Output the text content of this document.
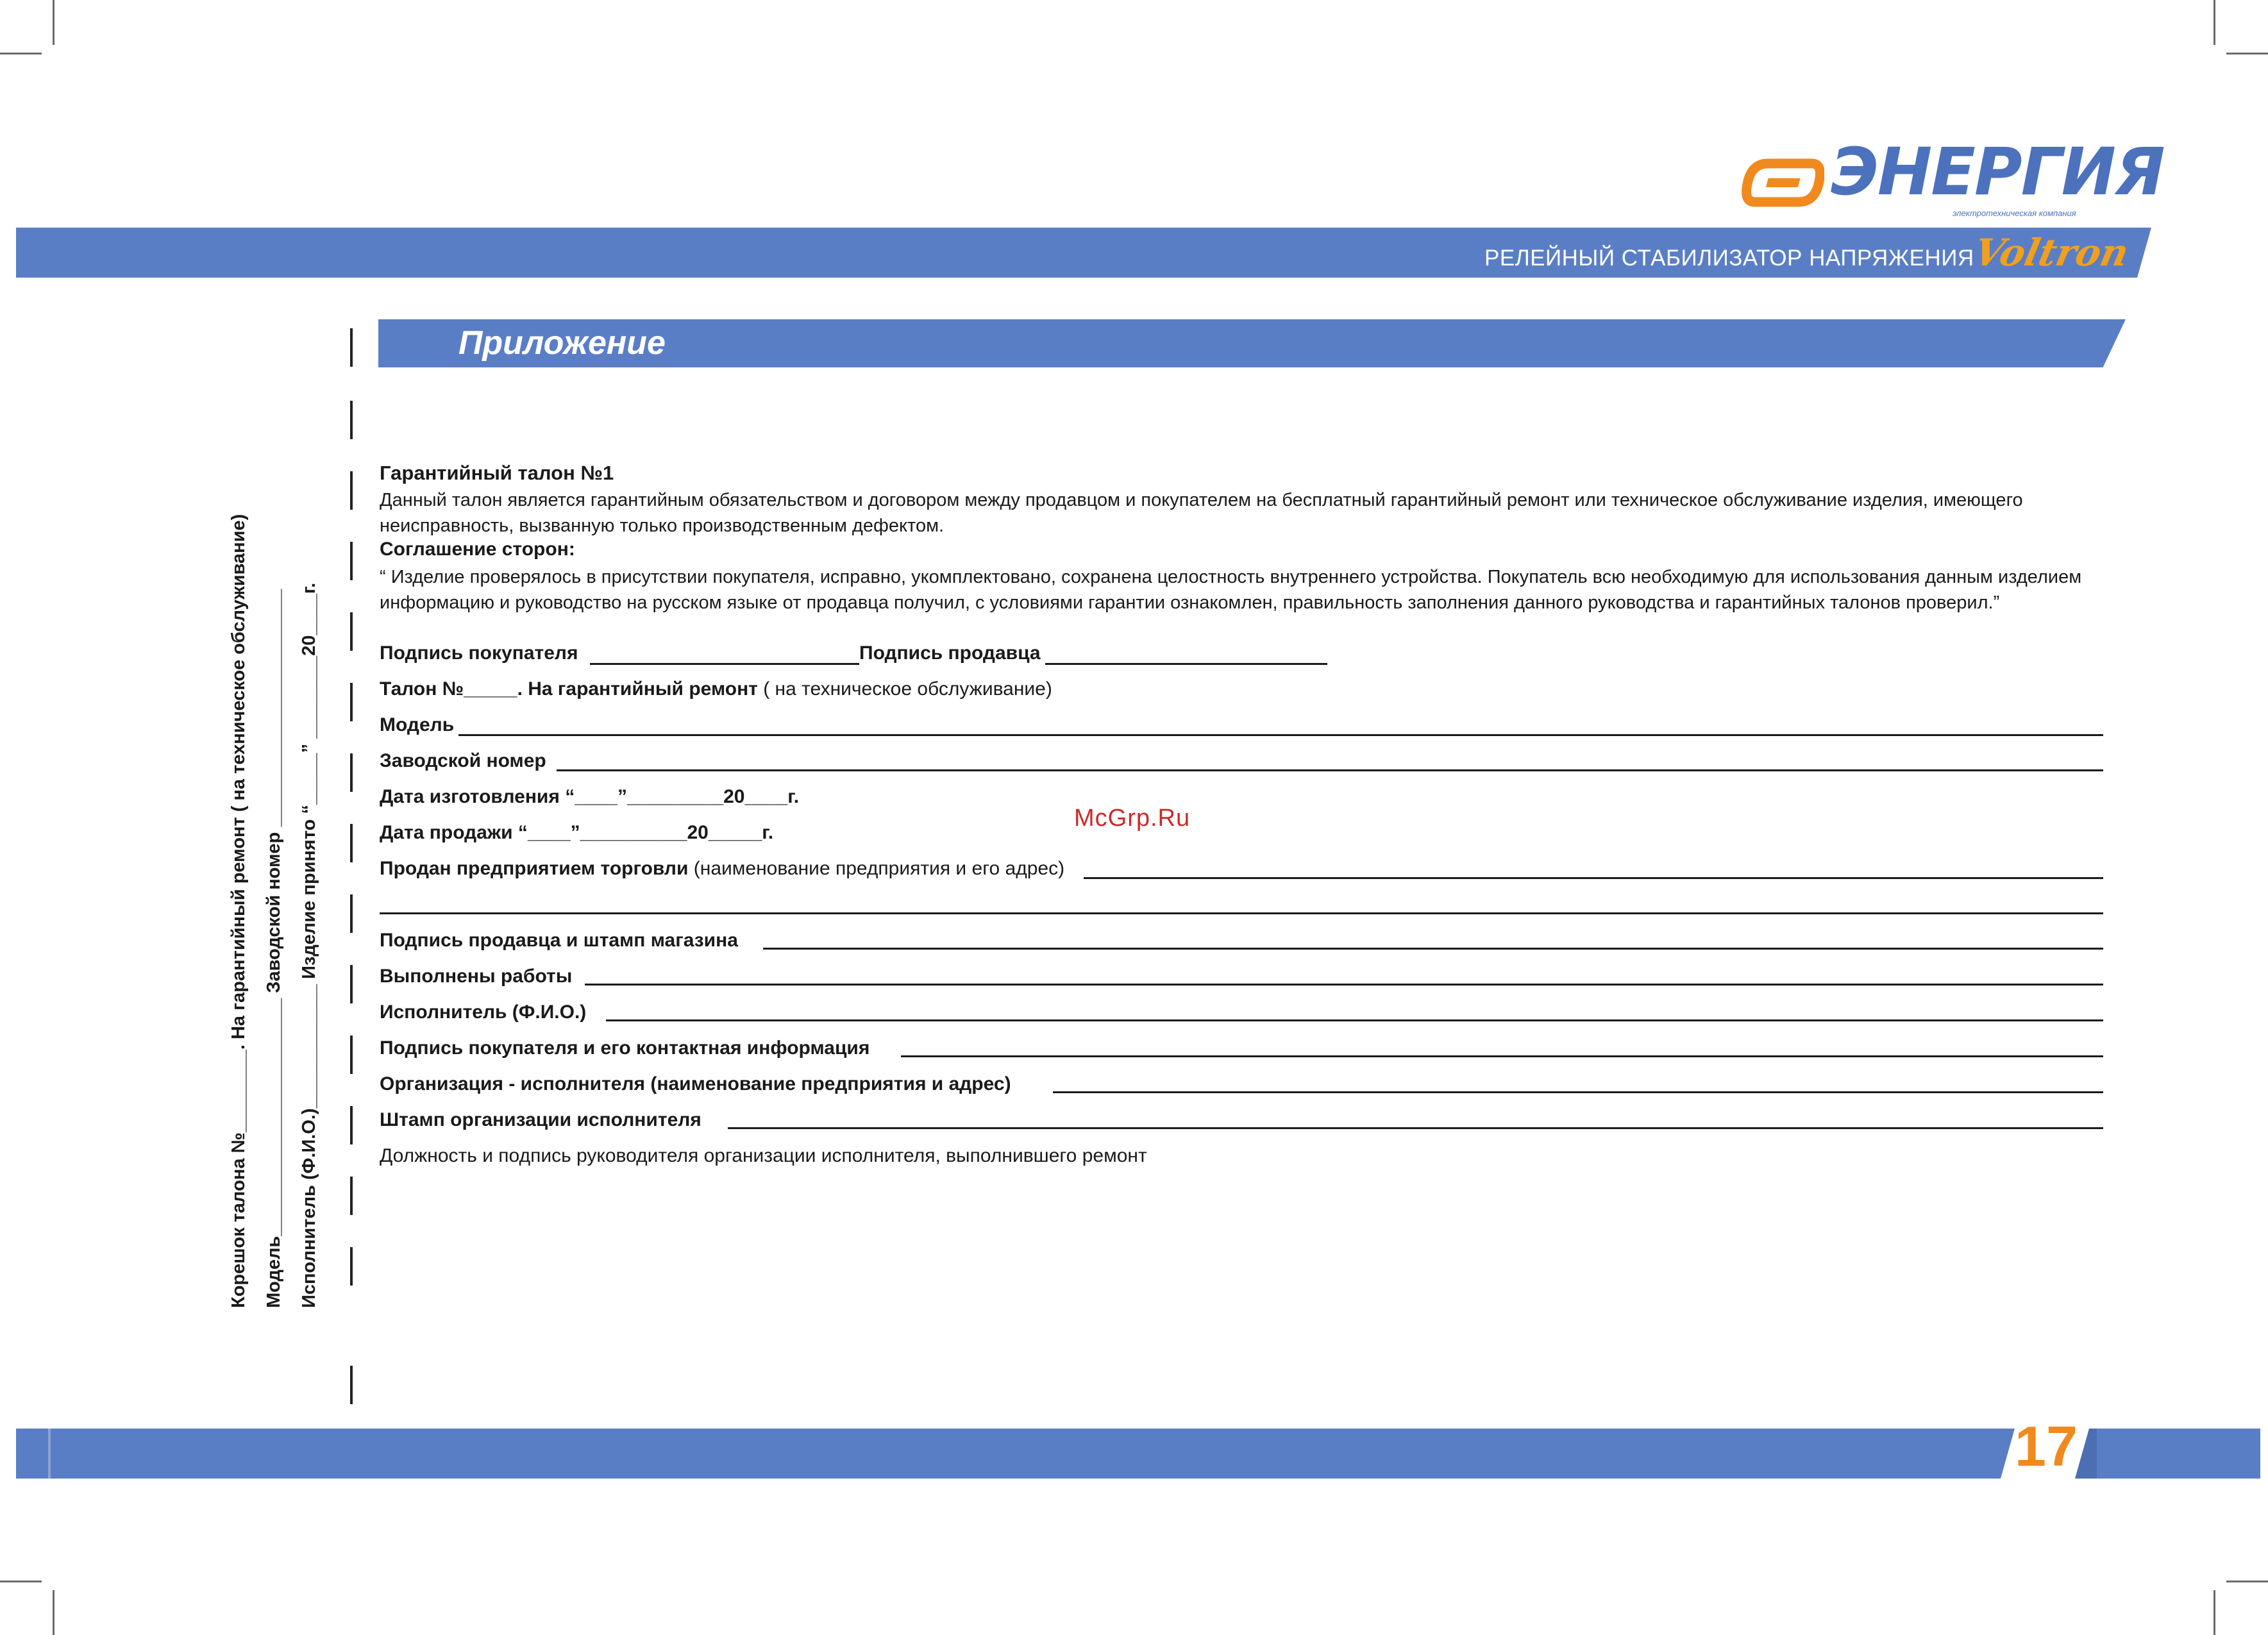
ЭНЕРГИЯ
электротехническая компания
РЕЛЕЙНЫЙ СТАБИЛИЗАТОР НАПРЯЖЕНИЯ
Voltron
Приложение
Корешок талона №________. На гарантийный ремонт ( на техническое обслуживание) Модель_______________________ Заводской номер _______________________ Исполнитель (Ф.И.О.)____________ Изделие принято “_____” ________20____г.
Гарантийный талон №1
Данный талон является гарантийным обязательством и договором между продавцом и покупателем на бесплатный гарантийный ремонт или техническое обслуживание изделия, имеющего неисправность, вызванную только производственным дефектом.
Соглашение сторон:
“ Изделие проверялось в присутствии покупателя, исправно, укомплектовано, сохранена целостность внутреннего устройства. Покупатель всю необходимую для использования данным изделием информацию и руководство на русском языке от продавца получил, с условиями гарантии ознакомлен, правильность заполнения данного руководства и гарантийных талонов проверил.”
Подпись покупателя	Подпись продавца
Талон №_____. На гарантийный ремонт ( на техническое обслуживание)
Модель
Заводской номер
Дата изготовления “____”_________20____г.
Дата продажи “____”__________20_____г.
Продан предприятием торговли (наименование предприятия и его адрес)
Подпись продавца и штамп магазина
Выполнены работы
Исполнитель (Ф.И.О.)
Подпись покупателя и его контактная информация
Организация - исполнителя (наименование предприятия и адрес)
Штамп организации исполнителя
Должность и подпись руководителя организации исполнителя, выполнившего ремонт
McGrp.Ru
17
